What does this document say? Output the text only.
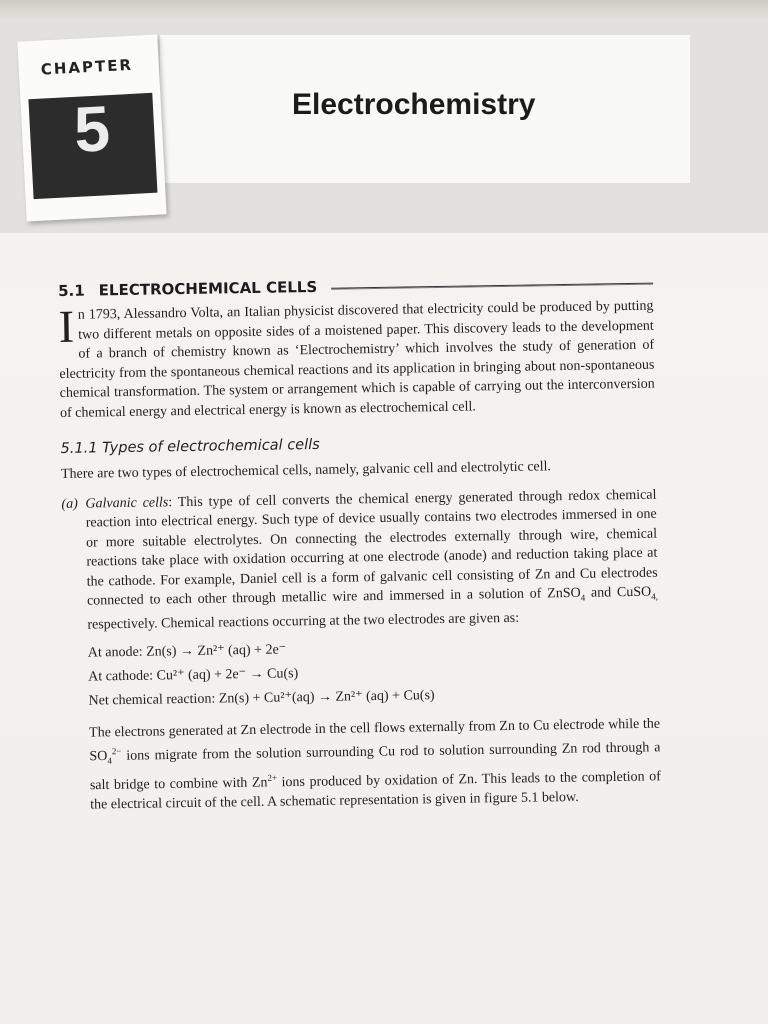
CHAPTER
5	Electrochemistry
5.1 ELECTROCHEMICAL CELLS
In 1793, Alessandro Volta, an Italian physicist discovered that electricity could be produced by putting two different metals on opposite sides of a moistened paper. This discovery leads to the development of a branch of chemistry known as ‘Electrochemistry’ which involves the study of generation of electricity from the spontaneous chemical reactions and its application in bringing about non-spontaneous chemical transformation. The system or arrangement which is capable of carrying out the interconversion of chemical energy and electrical energy is known as electrochemical cell.
5.1.1 Types of electrochemical cells
There are two types of electrochemical cells, namely, galvanic cell and electrolytic cell.
(a) Galvanic cells: This type of cell converts the chemical energy generated through redox chemical reaction into electrical energy. Such type of device usually contains two electrodes immersed in one or more suitable electrolytes. On connecting the electrodes externally through wire, chemical reactions take place with oxidation occurring at one electrode (anode) and reduction taking place at the cathode. For example, Daniel cell is a form of galvanic cell consisting of Zn and Cu electrodes connected to each other through metallic wire and immersed in a solution of ZnSO$_4$ and CuSO$_{4,}$ respectively. Chemical reactions occurring at the two electrodes are given as:

At anode: Zn(s) → Zn²⁺ (aq) + 2e⁻

At cathode: Cu²⁺ (aq) + 2e⁻ → Cu(s)

Net chemical reaction: Zn(s) + Cu²⁺(aq) → Zn²⁺ (aq) + Cu(s)

The electrons generated at Zn electrode in the cell flows externally from Zn to Cu electrode while the $SO_4^{2-}$ ions migrate from the solution surrounding Cu rod to solution surrounding Zn rod through a salt bridge to combine with $Zn^{2+}$ ions produced by oxidation of Zn. This leads to the completion of the electrical circuit of the cell. A schematic representation is given in figure 5.1 below.
